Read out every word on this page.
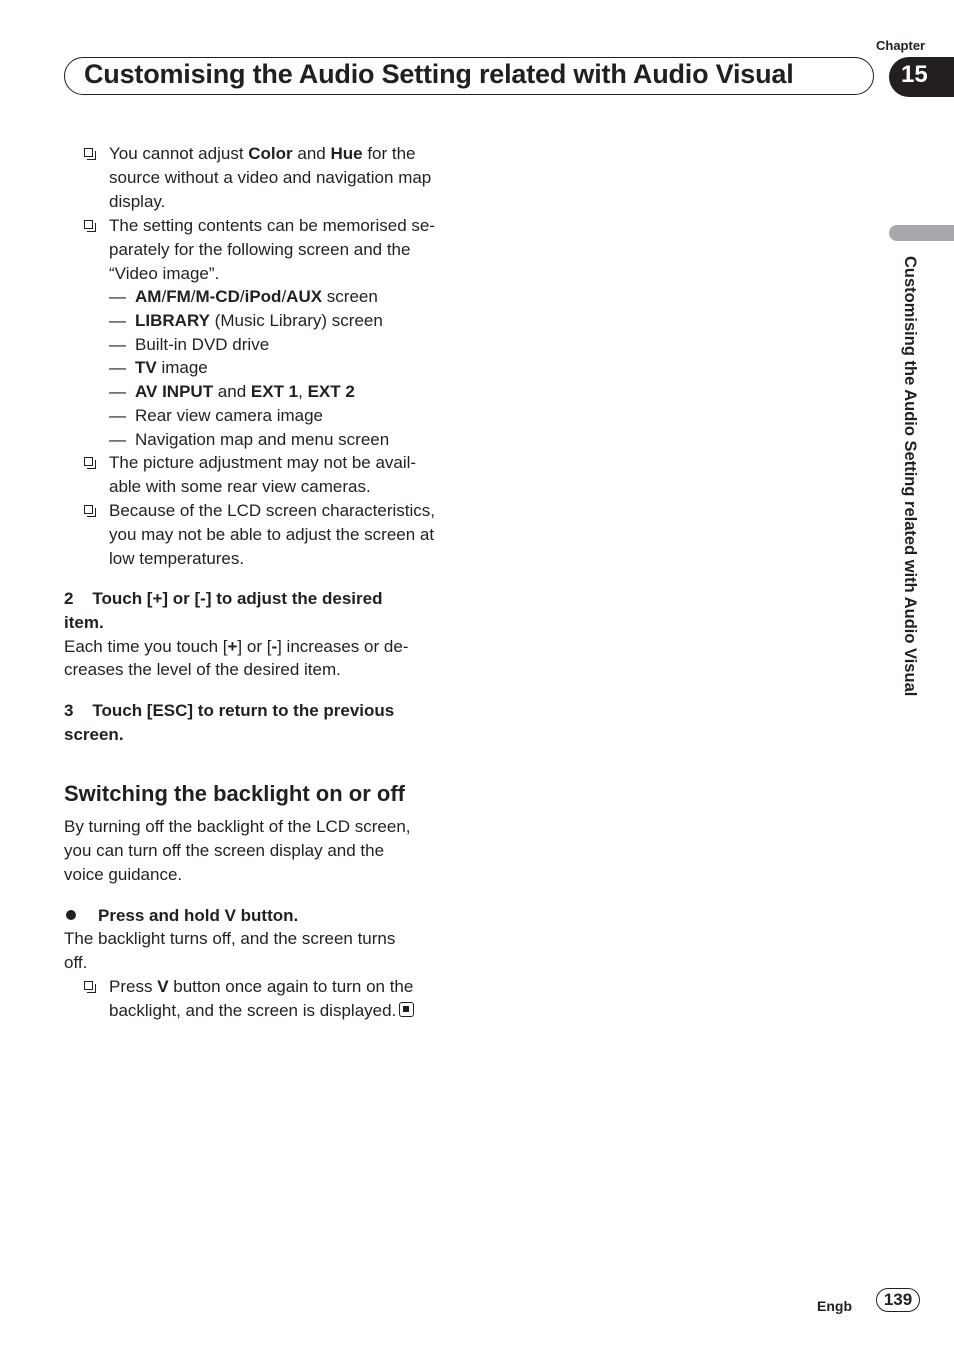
Chapter
Customising the Audio Setting related with Audio Visual	15
Customising the Audio Setting related with Audio Visual
You cannot adjust Color and Hue for the
source without a video and navigation map
display.
The setting contents can be memorised se-
parately for the following screen and the
“Video image”.
— AM/FM/M-CD/iPod/AUX screen
— LIBRARY (Music Library) screen
— Built-in DVD drive
— TV image
— AV INPUT and EXT 1, EXT 2
— Rear view camera image
— Navigation map and menu screen
The picture adjustment may not be avail-
able with some rear view cameras.
Because of the LCD screen characteristics,
you may not be able to adjust the screen at
low temperatures.
2    Touch [+] or [-] to adjust the desired
item.
Each time you touch [+] or [-] increases or de-
creases the level of the desired item.
3    Touch [ESC] to return to the previous
screen.
Switching the backlight on or off
By turning off the backlight of the LCD screen,
you can turn off the screen display and the
voice guidance.
Press and hold V button.
The backlight turns off, and the screen turns
off.
Press V button once again to turn on the
backlight, and the screen is displayed.
Engb	139
